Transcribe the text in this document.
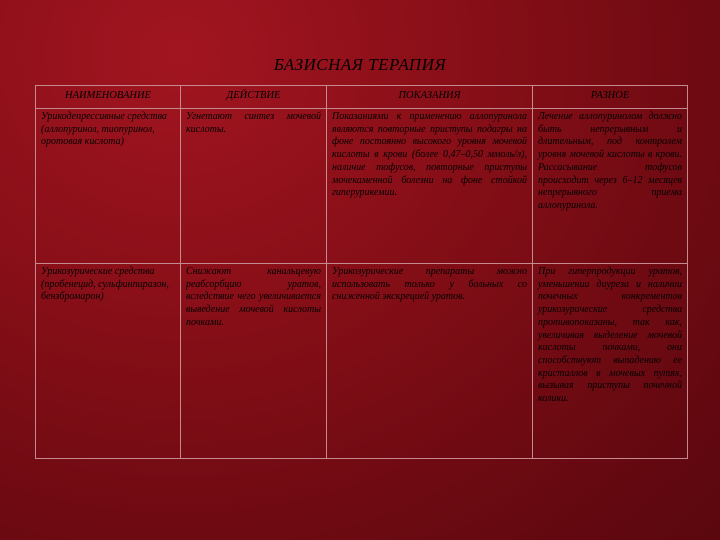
БАЗИСНАЯ ТЕРАПИЯ
НАИМЕНОВАНИЕ	ДЕЙСТВИЕ	ПОКАЗАНИЯ	РАЗНОЕ
Урикодепрессивные средства (аллопуринол, тиопуринол, оротовая кислота)	Угнетают синтез мочевой кислоты.	Показаниями к применению аллопуринола являются повторные приступы подагры на фоне постоянно высокого уровня мочевой кислоты в крови (более 0,47–0,50 ммоль/л), наличие тофусов, повторные приступы мочекаменной болезни на фоне стойкой гиперурикемии.	Лечение аллопуринолом должно быть непрерывным и длительным, под контролем уровня мочевой кислоты в крови. Рассасывание тофусов происходит через 6–12 месяцев непрерывного приема аллопуринола.
Урикозурические средства (пробенецид, сульфинпиразон, бензбромарон)	Снижают канальцевую реабсорбцию уратов, вследствие чего увеличивается выведение мочевой кислоты почками.	Урикозурические препараты можно использовать только у больных со сниженной экскрецией уратов.	При гиперпродукции уратов, уменьшении диуреза и наличии почечных конкрементов урикозурические средства противопоказаны, так как, увеличивая выделение мочевой кислоты почками, они способствуют выпадению ее кристаллов в мочевых путях, вызывая приступы почечной колики.
